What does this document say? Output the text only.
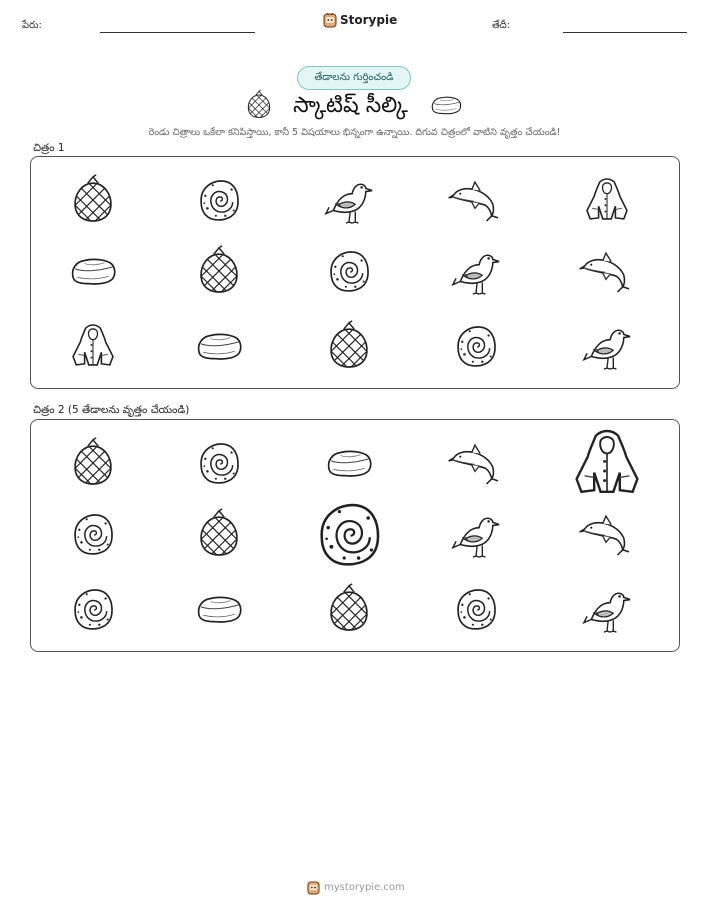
పేరు:	Storypie	తేదీ:
తేడాలను గుర్తించండి
స్కాటిష్ సీల్కి
రెండు చిత్రాలు ఒకేలా కనిపిస్తాయి, కానీ 5 విషయాలు భిన్నంగా ఉన్నాయి. దిగువ చిత్రంలో వాటిని వృత్తం చేయండి!
చిత్రం 1
చిత్రం 2 (5 తేడాలను వృత్తం చేయండి)
mystorypie.com
